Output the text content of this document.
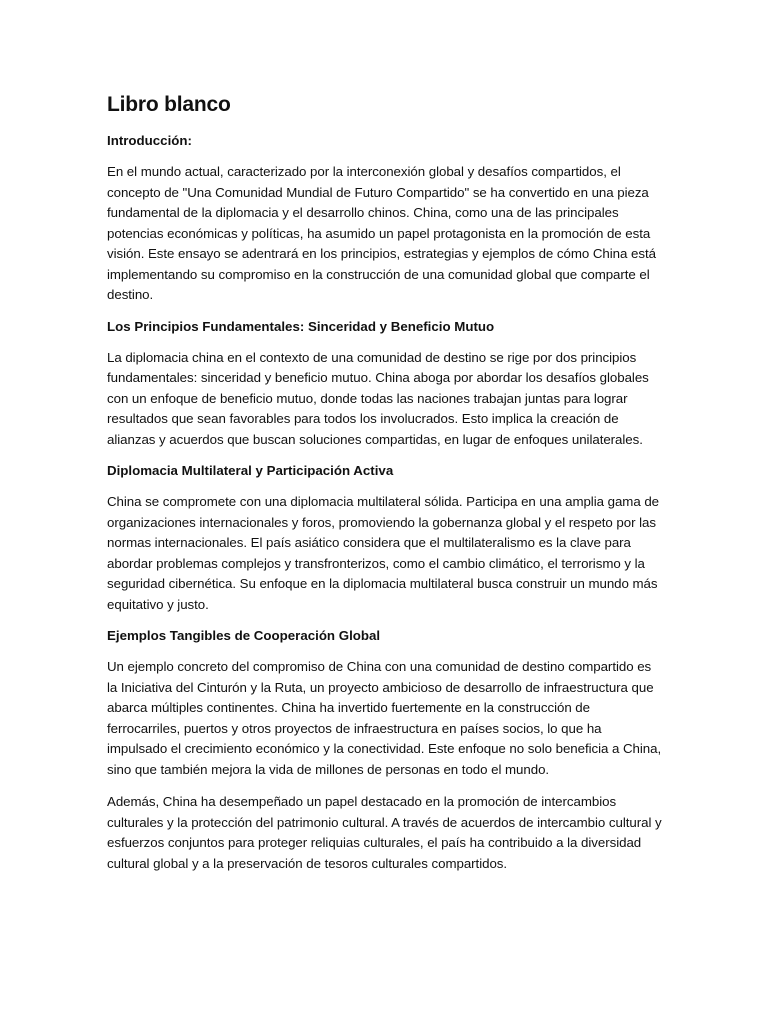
Libro blanco
Introducción:

En el mundo actual, caracterizado por la interconexión global y desafíos compartidos, el concepto de "Una Comunidad Mundial de Futuro Compartido" se ha convertido en una pieza fundamental de la diplomacia y el desarrollo chinos. China, como una de las principales potencias económicas y políticas, ha asumido un papel protagonista en la promoción de esta visión. Este ensayo se adentrará en los principios, estrategias y ejemplos de cómo China está implementando su compromiso en la construcción de una comunidad global que comparte el destino.

Los Principios Fundamentales: Sinceridad y Beneficio Mutuo

La diplomacia china en el contexto de una comunidad de destino se rige por dos principios fundamentales: sinceridad y beneficio mutuo. China aboga por abordar los desafíos globales con un enfoque de beneficio mutuo, donde todas las naciones trabajan juntas para lograr resultados que sean favorables para todos los involucrados. Esto implica la creación de alianzas y acuerdos que buscan soluciones compartidas, en lugar de enfoques unilaterales.

Diplomacia Multilateral y Participación Activa

China se compromete con una diplomacia multilateral sólida. Participa en una amplia gama de organizaciones internacionales y foros, promoviendo la gobernanza global y el respeto por las normas internacionales. El país asiático considera que el multilateralismo es la clave para abordar problemas complejos y transfronterizos, como el cambio climático, el terrorismo y la seguridad cibernética. Su enfoque en la diplomacia multilateral busca construir un mundo más equitativo y justo.

Ejemplos Tangibles de Cooperación Global

Un ejemplo concreto del compromiso de China con una comunidad de destino compartido es la Iniciativa del Cinturón y la Ruta, un proyecto ambicioso de desarrollo de infraestructura que abarca múltiples continentes. China ha invertido fuertemente en la construcción de ferrocarriles, puertos y otros proyectos de infraestructura en países socios, lo que ha impulsado el crecimiento económico y la conectividad. Este enfoque no solo beneficia a China, sino que también mejora la vida de millones de personas en todo el mundo.

Además, China ha desempeñado un papel destacado en la promoción de intercambios culturales y la protección del patrimonio cultural. A través de acuerdos de intercambio cultural y esfuerzos conjuntos para proteger reliquias culturales, el país ha contribuido a la diversidad cultural global y a la preservación de tesoros culturales compartidos.
